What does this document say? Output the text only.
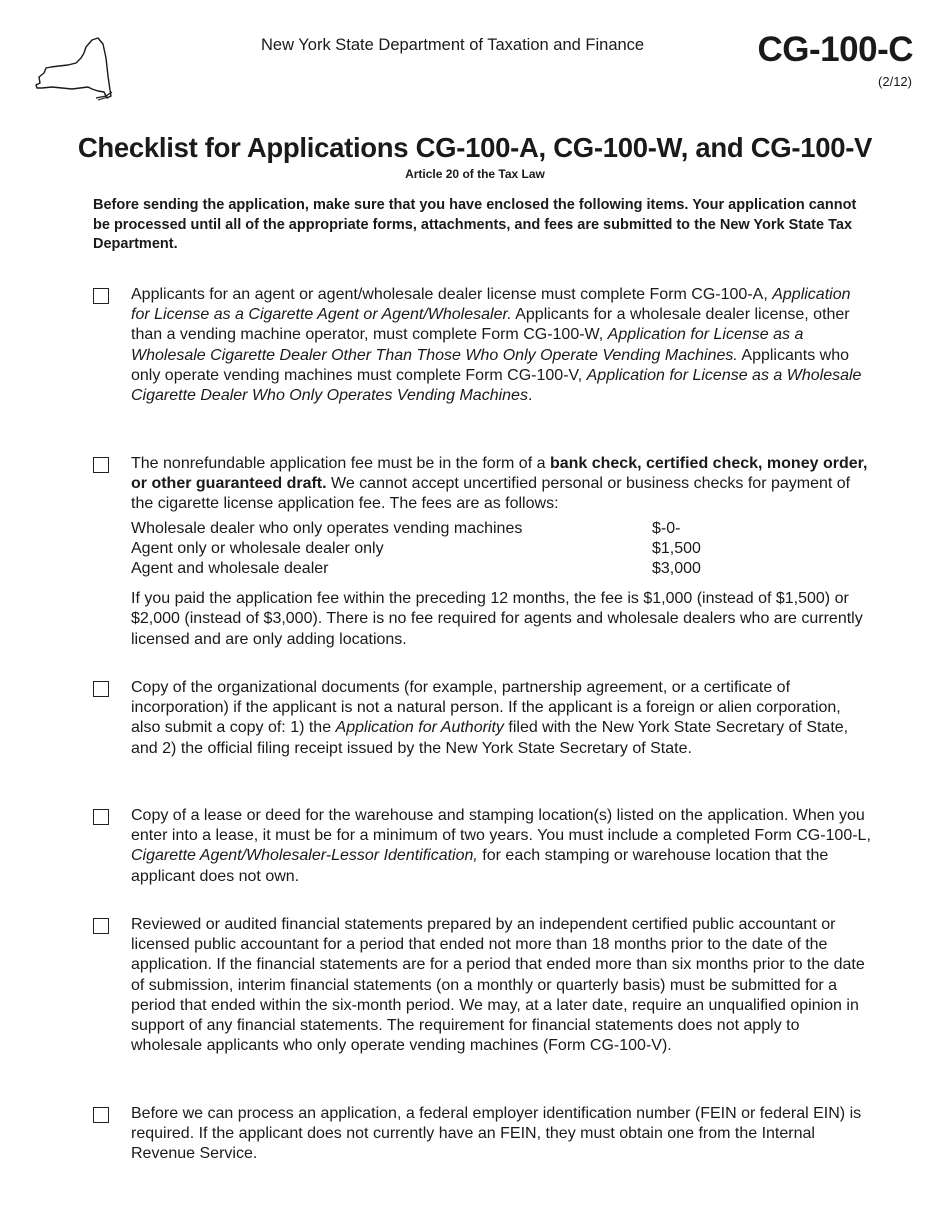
New York State Department of Taxation and Finance	CG-100-C
(2/12)
Checklist for Applications CG-100-A, CG-100-W, and CG-100-V
Article 20 of the Tax Law
Before sending the application, make sure that you have enclosed the following items. Your application cannot be processed until all of the appropriate forms, attachments, and fees are submitted to the New York State Tax Department.

Applicants for an agent or agent/wholesale dealer license must complete Form CG-100-A, Application for License as a Cigarette Agent or Agent/Wholesaler. Applicants for a wholesale dealer license, other than a vending machine operator, must complete Form CG-100-W, Application for License as a Wholesale Cigarette Dealer Other Than Those Who Only Operate Vending Machines. Applicants who only operate vending machines must complete Form CG-100-V, Application for License as a Wholesale Cigarette Dealer Who Only Operates Vending Machines.

The nonrefundable application fee must be in the form of a bank check, certified check, money order, or other guaranteed draft. We cannot accept uncertified personal or business checks for payment of the cigarette license application fee. The fees are as follows:

Wholesale dealer who only operates vending machines	$-0-
Agent only or wholesale dealer only	$1,500
Agent and wholesale dealer	$3,000

If you paid the application fee within the preceding 12 months, the fee is $1,000 (instead of $1,500) or $2,000 (instead of $3,000). There is no fee required for agents and wholesale dealers who are currently licensed and are only adding locations.

Copy of the organizational documents (for example, partnership agreement, or a certificate of incorporation) if the applicant is not a natural person. If the applicant is a foreign or alien corporation, also submit a copy of: 1) the Application for Authority filed with the New York State Secretary of State, and 2) the official filing receipt issued by the New York State Secretary of State.

Copy of a lease or deed for the warehouse and stamping location(s) listed on the application. When you enter into a lease, it must be for a minimum of two years. You must include a completed Form CG-100-L, Cigarette Agent/Wholesaler-Lessor Identification, for each stamping or warehouse location that the applicant does not own.

Reviewed or audited financial statements prepared by an independent certified public accountant or licensed public accountant for a period that ended not more than 18 months prior to the date of the application. If the financial statements are for a period that ended more than six months prior to the date of submission, interim financial statements (on a monthly or quarterly basis) must be submitted for a period that ended within the six-month period. We may, at a later date, require an unqualified opinion in support of any financial statements. The requirement for financial statements does not apply to wholesale applicants who only operate vending machines (Form CG-100-V).

Before we can process an application, a federal employer identification number (FEIN or federal EIN) is required. If the applicant does not currently have an FEIN, they must obtain one from the Internal Revenue Service.
